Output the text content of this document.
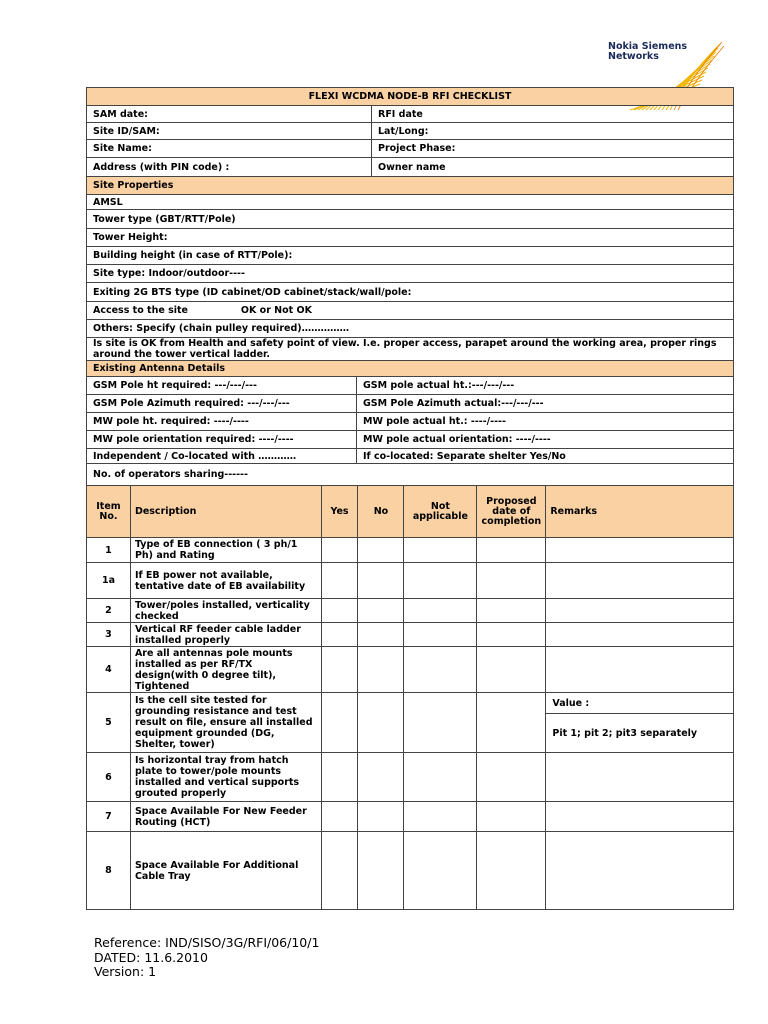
Nokia Siemens
Networks
FLEXI WCDMA NODE-B RFI CHECKLIST
SAM date:	RFI date
Site ID/SAM:	Lat/Long:
Site Name:	Project Phase:
Address (with PIN code) :	Owner name
Site Properties
AMSL
Tower type (GBT/RTT/Pole)
Tower Height:
Building height (in case of RTT/Pole):
Site type: Indoor/outdoor----
Exiting 2G BTS type (ID cabinet/OD cabinet/stack/wall/pole:
Access to the site                OK or Not OK
Others: Specify (chain pulley required)……………
Is site is OK from Health and safety point of view. I.e. proper access, parapet around the working area, proper rings around the tower vertical ladder.
Existing Antenna Details
GSM Pole ht required: ---/---/---	GSM pole actual ht.:---/---/---
GSM Pole Azimuth required: ---/---/---	GSM Pole Azimuth actual:---/---/---
MW pole ht. required: ----/----	MW pole actual ht.: ----/----
MW pole orientation required: ----/----	MW pole actual orientation: ----/----
Independent / Co-located with …………	If co-located: Separate shelter Yes/No
No. of operators sharing------
Item No.	Description	Yes	No	Not applicable	Proposed date of completion	Remarks
1	Type of EB connection ( 3 ph/1 Ph) and Rating					
1a	If EB power not available, tentative date of EB availability					
2	Tower/poles installed, verticality checked					
3	Vertical RF feeder cable ladder installed properly					
4	Are all antennas pole mounts installed as per RF/TX design(with 0 degree tilt), Tightened					
5	Is the cell site tested for grounding resistance and test result on file, ensure all installed equipment grounded (DG, Shelter, tower)					Value :
Pit 1; pit 2; pit3 separately

6	Is horizontal tray from hatch plate to tower/pole mounts installed and vertical supports grouted properly					
7	Space Available For New Feeder Routing (HCT)					
8	Space Available For Additional Cable Tray					
Reference: IND/SISO/3G/RFI/06/10/1
DATED: 11.6.2010
Version: 1
